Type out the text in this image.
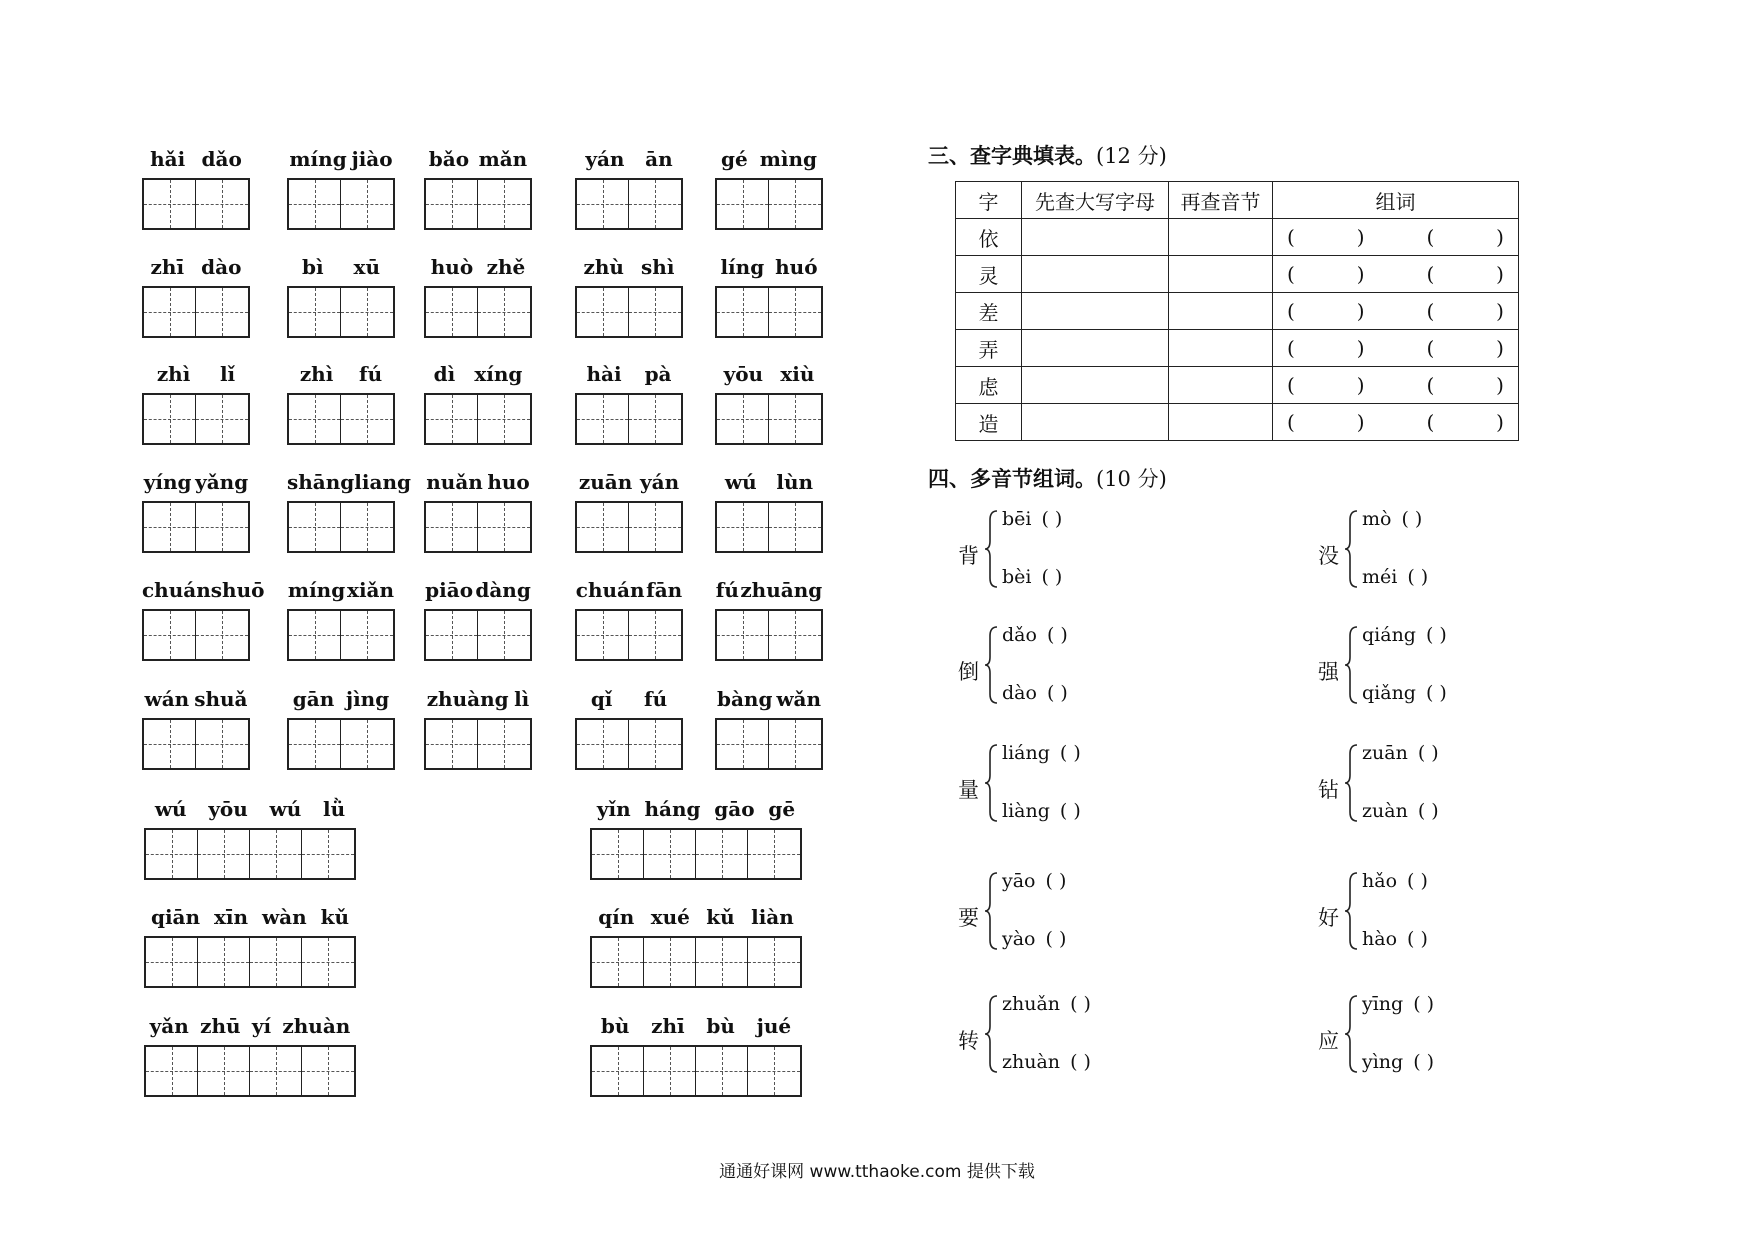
hǎi dǎo míng jiào bǎo mǎn	yán ān gé mìng
zhī dào	bì xū	huò zhě	zhù shì líng huó
zhì lǐ	zhì fú	dì xíng	hài pà	yōu xiù
yíng yǎng shāng liang nuǎn huo zuān yán wú lùn
chuán shuō míng xiǎn piāo dàng chuán fān fú zhuāng
wán shuǎ gān jìng zhuàng lì	qǐ fú bàng wǎn
wú yōu wú lǜ	yǐn háng gāo gē
qiān xīn wàn kǔ	qín xué kǔ liàn
yǎn zhū yí zhuàn	bù zhī bù jué
三、查字典填表。(12 分)
字	先查大写字母	再查音节	组词
依			( ) ( )

灵			( ) ( )

差			( ) ( )

弄			( ) ( )

虑			( ) ( )

造			( ) ( )
四、多音节组词。(10 分)
背
bēi ( )
bèi ( )
没
mò ( )
méi ( )
倒
dǎo ( )
dào ( )
强
qiáng ( )
qiǎng ( )
量
liáng ( )
liàng ( )
钻
zuān ( )
zuàn ( )
要
yāo ( )
yào ( )
好
hǎo ( )
hào ( )
转
zhuǎn ( )
zhuàn ( )
应
yīng ( )
yìng ( )
通通好课网 www.tthaoke.com 提供下载
